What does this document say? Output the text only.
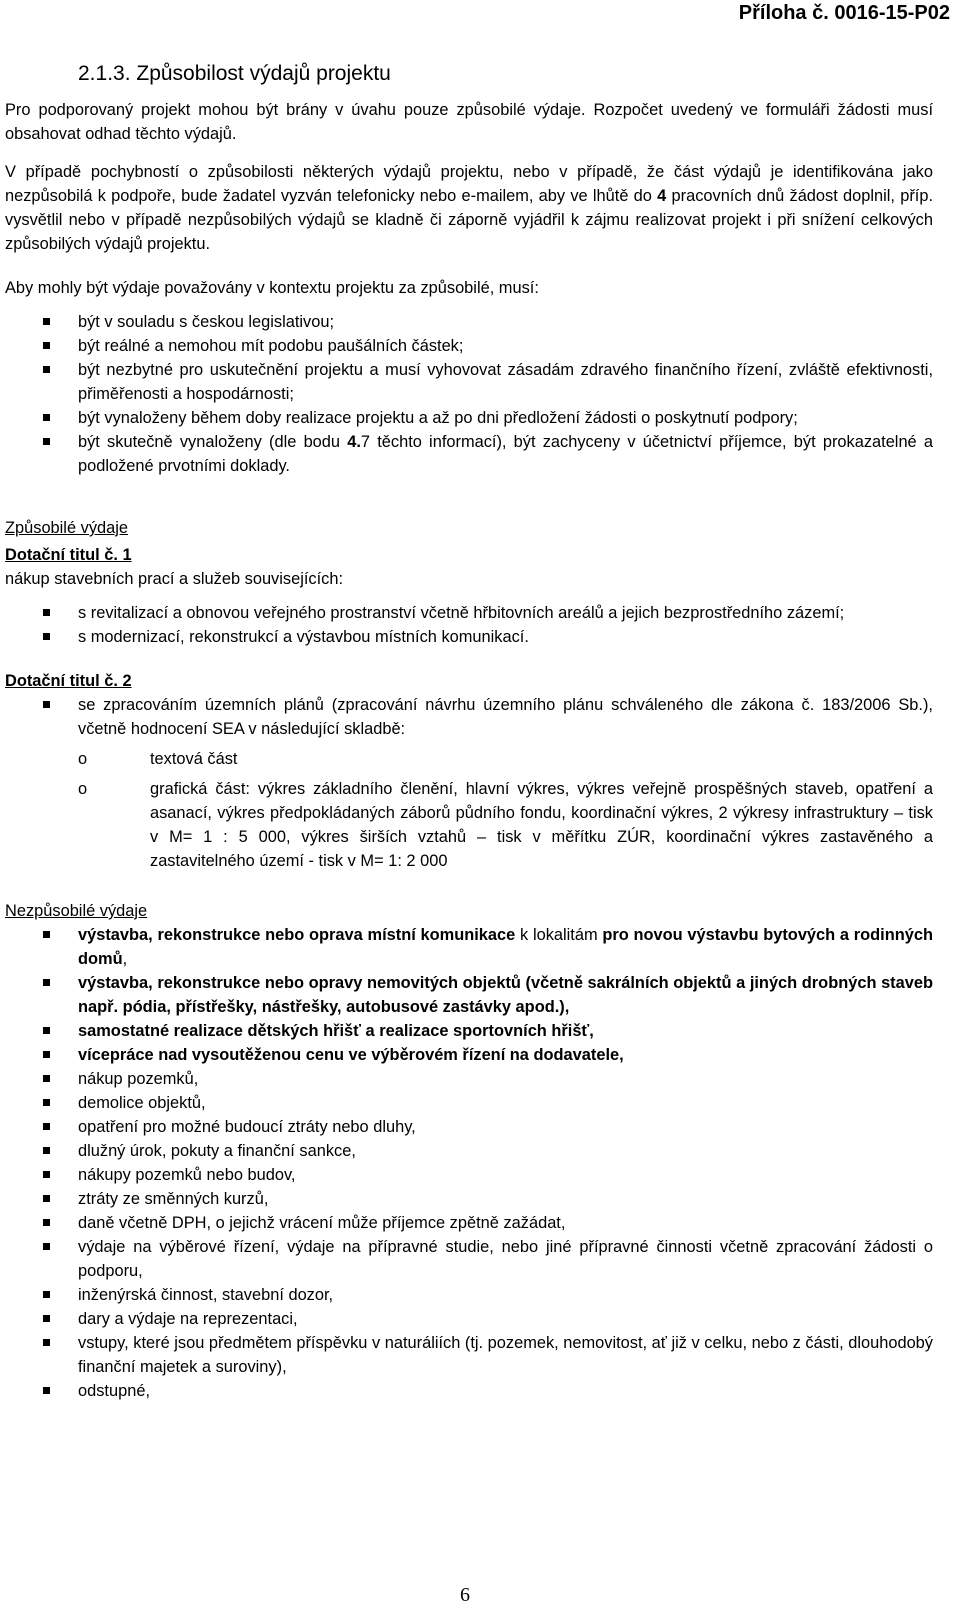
Příloha č. 0016-15-P02
2.1.3. Způsobilost výdajů projektu

Pro podporovaný projekt mohou být brány v úvahu pouze způsobilé výdaje. Rozpočet uvedený ve formuláři žádosti musí obsahovat odhad těchto výdajů.

V případě pochybností o způsobilosti některých výdajů projektu, nebo v případě, že část výdajů je identifikována jako nezpůsobilá k podpoře, bude žadatel vyzván telefonicky nebo e-mailem, aby ve lhůtě do 4 pracovních dnů žádost doplnil, příp. vysvětlil nebo v případě nezpůsobilých výdajů se kladně či záporně vyjádřil k zájmu realizovat projekt i při snížení celkových způsobilých výdajů projektu.

Aby mohly být výdaje považovány v kontextu projektu za způsobilé, musí:

být v souladu s českou legislativou;
být reálné a nemohou mít podobu paušálních částek;
být nezbytné pro uskutečnění projektu a musí vyhovovat zásadám zdravého finančního řízení, zvláště efektivnosti, přiměřenosti a hospodárnosti;
být vynaloženy během doby realizace projektu a až po dni předložení žádosti o poskytnutí podpory;
být skutečně vynaloženy (dle bodu 4.7 těchto informací), být zachyceny v účetnictví příjemce, být prokazatelné a podložené prvotními doklady.

Způsobilé výdaje

Dotační titul č. 1

nákup stavebních prací a služeb souvisejících:

s revitalizací a obnovou veřejného prostranství včetně hřbitovních areálů a jejich bezprostředního zázemí;
s modernizací, rekonstrukcí a výstavbou místních komunikací.

Dotační titul č. 2

se zpracováním územních plánů (zpracování návrhu územního plánu schváleného dle zákona č. 183/2006 Sb.), včetně hodnocení SEA v následující skladbě:
o	textová část
o	grafická část: výkres základního členění, hlavní výkres, výkres veřejně prospěšných staveb, opatření a asanací, výkres předpokládaných záborů půdního fondu, koordinační výkres, 2 výkresy infrastruktury – tisk v M= 1 : 5 000, výkres širších vztahů – tisk v měřítku ZÚR, koordinační výkres zastavěného a zastavitelného území - tisk v M= 1: 2 000

Nezpůsobilé výdaje

výstavba, rekonstrukce nebo oprava místní komunikace k lokalitám pro novou výstavbu bytových a rodinných domů,
výstavba, rekonstrukce nebo opravy nemovitých objektů (včetně sakrálních objektů a jiných drobných staveb např. pódia, přístřešky, nástřešky, autobusové zastávky apod.),
samostatné realizace dětských hřišť a realizace sportovních hřišť,
vícepráce nad vysoutěženou cenu ve výběrovém řízení na dodavatele,
nákup pozemků,
demolice objektů,
opatření pro možné budoucí ztráty nebo dluhy,
dlužný úrok, pokuty a finanční sankce,
nákupy pozemků nebo budov,
ztráty ze směnných kurzů,
daně včetně DPH, o jejichž vrácení může příjemce zpětně zažádat,
výdaje na výběrové řízení, výdaje na přípravné studie, nebo jiné přípravné činnosti včetně zpracování žádosti o podporu,
inženýrská činnost, stavební dozor,
dary a výdaje na reprezentaci,
vstupy, které jsou předmětem příspěvku v naturáliích (tj. pozemek, nemovitost, ať již v celku, nebo z části, dlouhodobý finanční majetek a suroviny),
odstupné,
6
